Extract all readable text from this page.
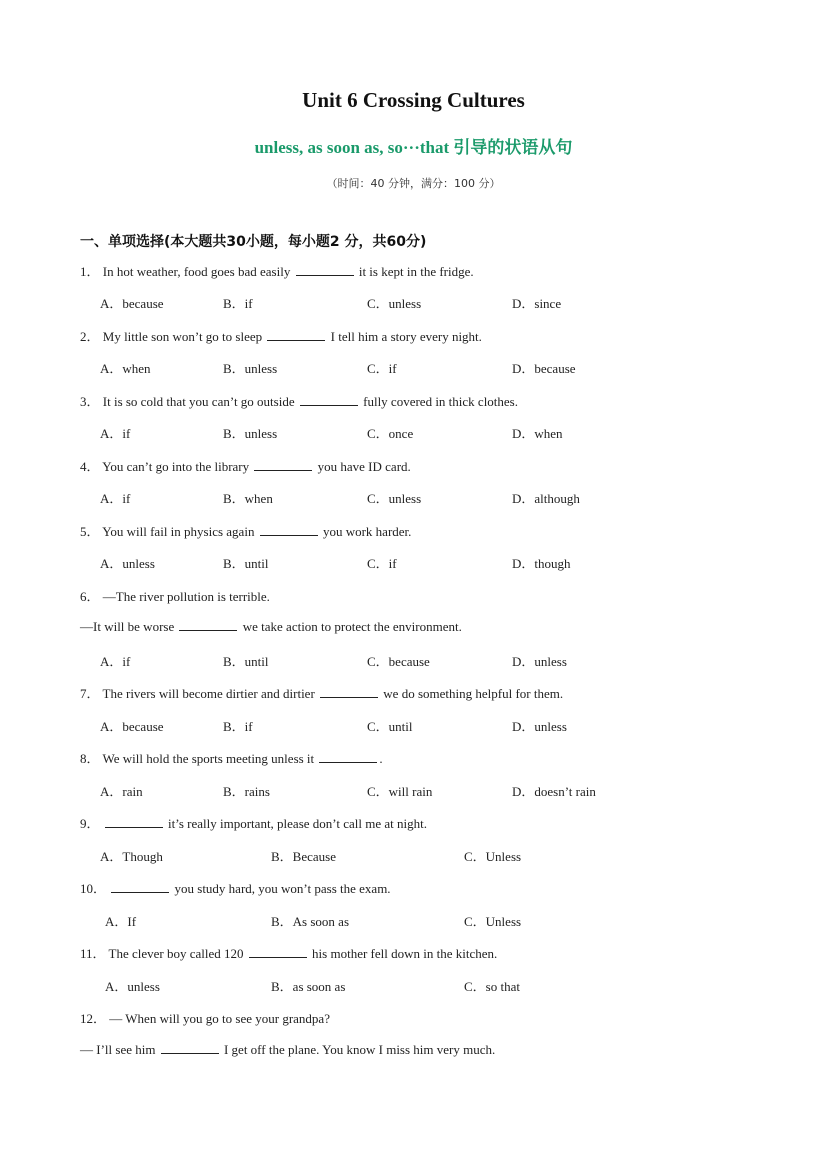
Unit 6 Crossing Cultures
unless, as soon as, so···that 引导的状语从句
（时间：40 分钟，满分：100 分）
一、单项选择(本大题共30小题，每小题2 分，共60分)
1． In hot weather, food goes bad easily	it is kept in the fridge.
A．because	B．if	C．unless	D．since
2． My little son won’t go to sleep	I tell him a story every night.
A．when	B．unless	C．if	D．because
3． It is so cold that you can’t go outside	fully covered in thick clothes.
A．if	B．unless	C．once	D．when
4． You can’t go into the library	you have ID card.
A．if	B．when	C．unless	D．although
5． You will fail in physics again	you work harder.
A．unless	B．until	C．if	D．though
6． —The river pollution is terrible.
—It will be worse	we take action to protect the environment.
A．if	B．until	C．because	D．unless
7． The rivers will become dirtier and dirtier	we do something helpful for them.
A．because	B．if	C．until	D．unless
8． We will hold the sports meeting unless it	.
A．rain	B．rains	C．will rain	D．doesn’t rain
9．	it’s really important, please don’t call me at night.
A．Though	B．Because	C．Unless
10．	you study hard, you won’t pass the exam.
A．If	B．As soon as	C．Unless
11． The clever boy called 120	his mother fell down in the kitchen.
A．unless	B．as soon as	C．so that
12． — When will you go to see your grandpa?
— I’ll see him	I get off the plane. You know I miss him very much.
